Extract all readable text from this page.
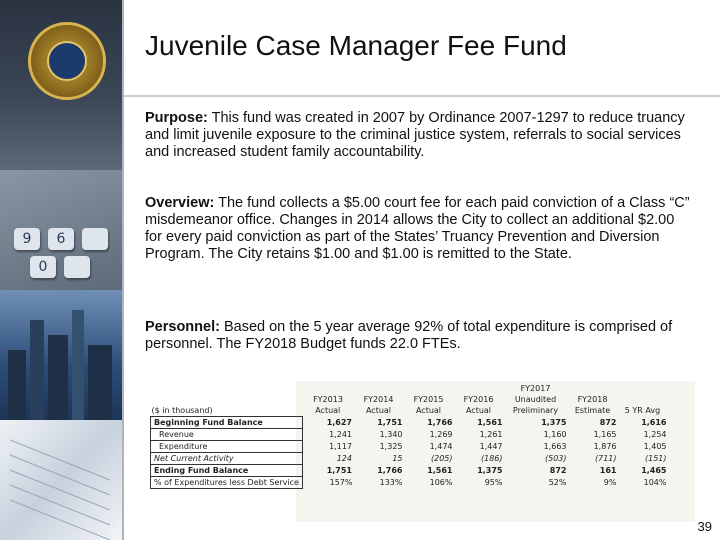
9	6
0
Juvenile Case Manager Fee Fund
Purpose: This fund was created in 2007 by Ordinance 2007-1297 to reduce truancy and limit juvenile exposure to the criminal justice system, referrals to social services and increased student family accountability.
Overview: The fund collects a $5.00 court fee for each paid conviction of a Class “C” misdemeanor office. Changes in 2014 allows the City to collect an additional $2.00 for every paid conviction as part of the States’ Truancy Prevention and Diversion Program. The City retains $1.00 and $1.00 is remitted to the State.
Personnel: Based on the 5 year average 92% of total expenditure is comprised of personnel. The FY2018 Budget funds 22.0 FTEs.
					FY2017		
	FY2013	FY2014	FY2015	FY2016	Unaudited	FY2018	
($ in thousand)	Actual	Actual	Actual	Actual	Preliminary	Estimate	5 YR Avg
Beginning Fund Balance	1,627	1,751	1,766	1,561	1,375	872	1,616
Revenue	1,241	1,340	1,269	1,261	1,160	1,165	1,254
Expenditure	1,117	1,325	1,474	1,447	1,663	1,876	1,405
Net Current Activity	124	15	(205)	(186)	(503)	(711)	(151)
Ending Fund Balance	1,751	1,766	1,561	1,375	872	161	1,465
% of Expenditures less Debt Service	157%	133%	106%	95%	52%	9%	104%
39
